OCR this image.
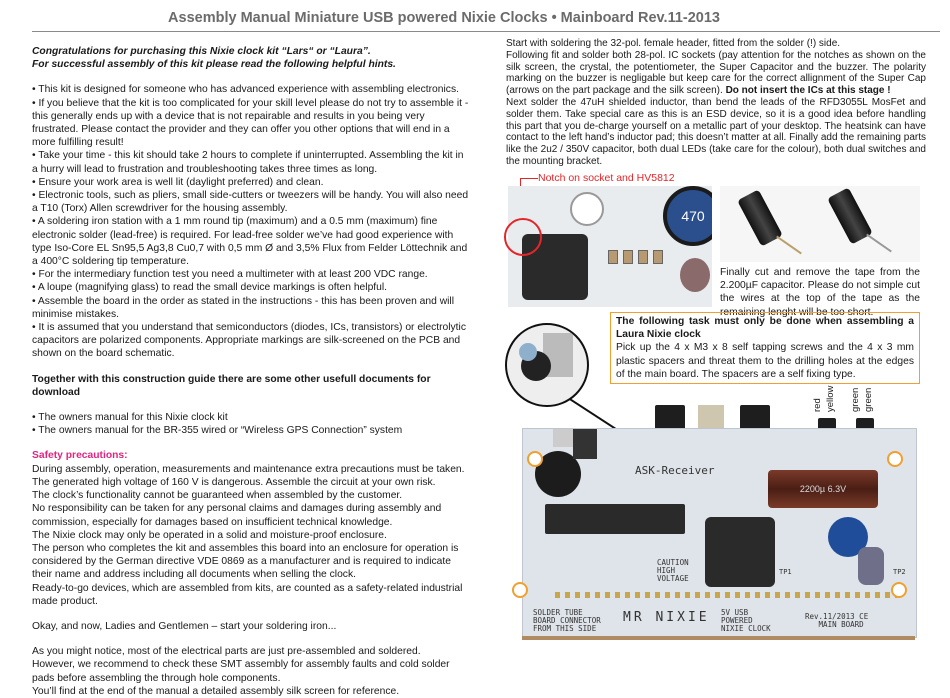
Assembly Manual Miniature USB powered Nixie Clocks • Mainboard Rev.11-2013

Congratulations for purchasing this Nixie clock kit “Lars“ or “Laura”.

For successful assembly of this kit please read the following helpful hints.

• This kit is designed for someone who has advanced experience with assembling electronics.

• If you believe that the kit is too complicated for your skill level please do not try to assemble it - this generally ends up with a device that is not repairable and results in you being very frustrated. Please contact the provider and they can offer you other options that will end in a more fulfilling result!

• Take your time - this kit should take 2 hours to complete if uninterrupted. Assembling the kit in a hurry will lead to frustration and troubleshooting takes three times as long.

• Ensure your work area is well lit (daylight preferred) and clean.

• Electronic tools, such as pliers, small side-cutters or tweezers will be handy. You will also need a T10 (Torx) Allen screwdriver for the housing assembly.

• A soldering iron station with a 1 mm round tip (maximum) and a 0.5 mm (maximum) fine electronic solder (lead-free) is required. For lead-free solder we’ve had good experience with type Iso-Core EL Sn95,5 Ag3,8 Cu0,7 with 0,5 mm Ø and 3,5% Flux from Felder Löttechnik and a 400°C soldering tip temperature.

• For the intermediary function test you need a multimeter with at least 200 VDC range.

• A loupe (magnifying glass) to read the small device markings is often helpful.

• Assemble the board in the order as stated in the instructions - this has been proven and will minimise mistakes.

• It is assumed that you understand that semiconductors (diodes, ICs, transistors) or electrolytic capacitors are polarized components. Appropriate markings are silk-screened on the PCB and shown on the board schematic.

Together with this construction guide there are some other usefull documents for download

• The owners manual for this Nixie clock kit

• The owners manual for the BR-355 wired or “Wireless GPS Connection” system

Safety precautions:

During assembly, operation, measurements and maintenance extra precautions must be taken. The generated high voltage of 160 V is dangerous. Assemble the circuit at your own risk.

The clock’s functionality cannot be guaranteed when assembled by the customer.

No responsibility can be taken for any personal claims and damages during assembly and commission, especially for damages based on insufficient technical knowledge.

The Nixie clock may only be operated in a solid and moisture-proof enclosure.

The person who completes the kit and assembles this board into an enclosure for operation is considered by the German directive VDE 0869 as a manufacturer and is required to indicate their name and address including all documents when selling the clock.

Ready-to-go devices, which are assembled from kits, are counted as a safety-related industrial made product.

Okay, and now, Ladies and Gentlemen – start your soldering iron...

As you might notice, most of the electrical parts are just pre-assembled and soldered.

However, we recommend to check these SMT assembly for assembly faults and cold solder pads before assembling the through hole components.

You’ll find at the end of the manual a detailed assembly silk screen for reference.

Start with soldering the 32-pol. female header, fitted from the solder (!) side.

Following fit and solder both 28-pol. IC sockets (pay attention for the notches as shown on the silk screen, the crystal, the potentiometer, the Super Capacitor and the buzzer. The polarity marking on the buzzer is negligable but keep care for the correct allignment of the Super Cap (arrows on the part package and the silk screen). Do not insert the ICs at this stage !

Next solder the 47uH shielded inductor, than bend the leads of the RFD3055L MosFet and solder them. Take special care as this is an ESD device, so it is a good idea before handling this part that you de-charge yourself on a metallic part of your desktop. The heatsink can have contact to the left hand’s inductor pad; this doesn’t matter at all. Finally add the remaining parts like the 2u2 / 350V capacitor, both dual LEDs (take care for the colour), both dual switches and the mounting bracket.

Notch on socket and HV5812
470
Finally cut and remove the tape from the 2.200µF capacitor. Please do not simple cut the wires at the top of the tape as the remaining lenght will be too short.
The following task must only be done when assembling a Laura Nixie clock
Pick up the 4 x M3 x 8 self tapping screws and the 4 x 3 mm plastic spacers and threat them to the drilling holes at the edges of the main board. The spacers are a self fixing type.
red yellow green green
ASK-Receiver
CAUTION
HIGH
VOLTAGE
TP1	TP2
SOLDER TUBE
BOARD CONNECTOR
FROM THIS SIDE
MR NIXIE 5V USB
POWERED
NIXIE CLOCK
Rev.11/2013 CE
MAIN BOARD
2200µ 6.3V
